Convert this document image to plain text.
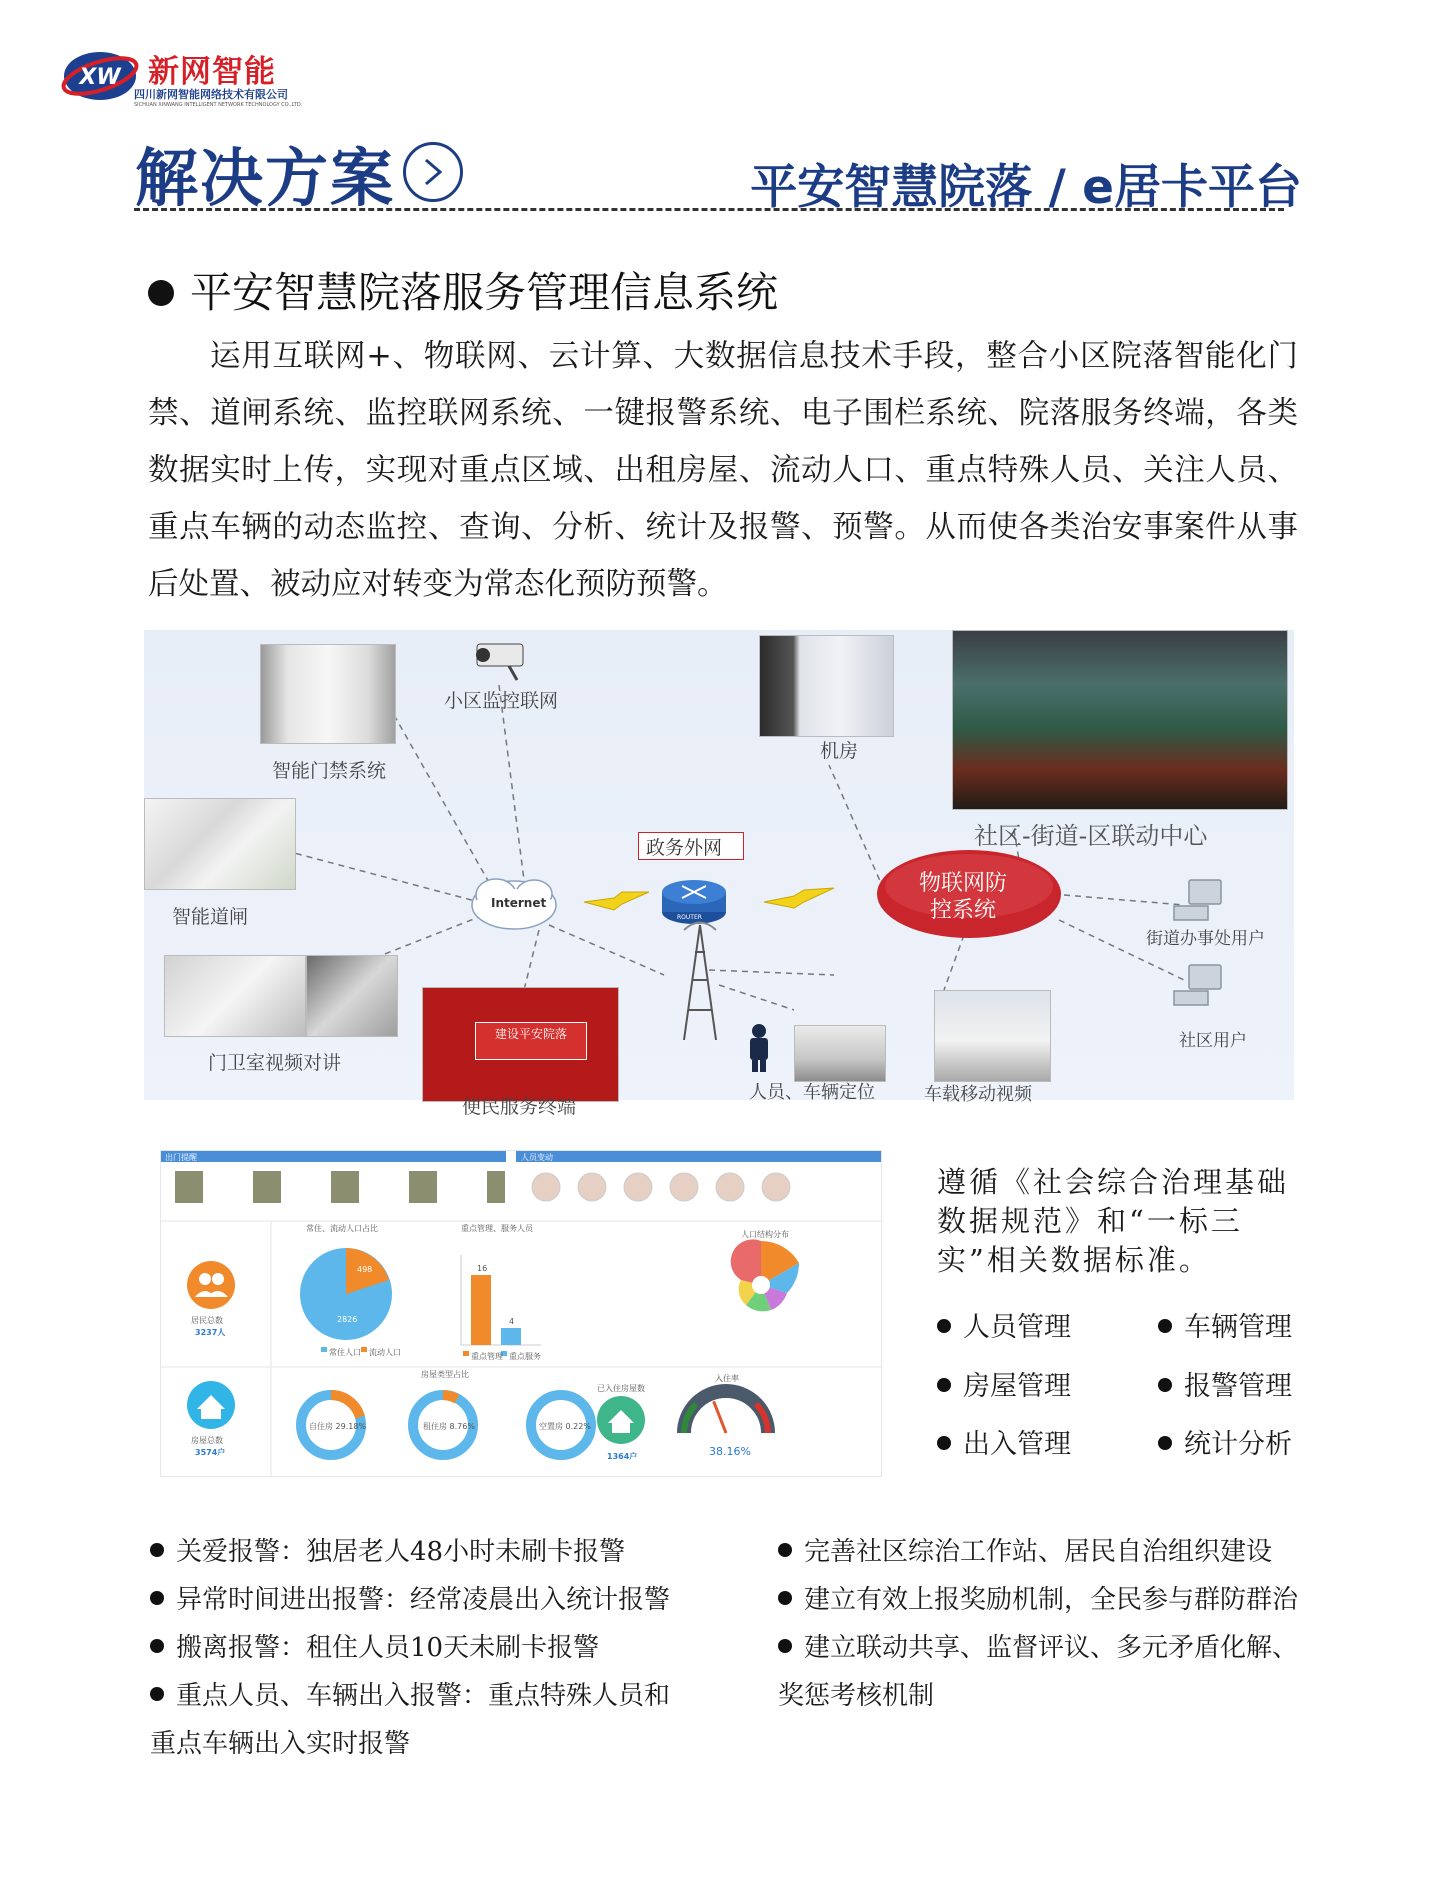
XW 新网智能
四川新网智能网络技术有限公司
SICHUAN XINWANG INTELLIGENT NETWORK TECHNOLOGY CO.,LTD.
解决方案	平安智慧院落 / e居卡平台
平安智慧院落服务管理信息系统
运用互联网+、物联网、云计算、大数据信息技术手段，整合小区院落智能化门禁、道闸系统、监控联网系统、一键报警系统、电子围栏系统、院落服务终端，各类数据实时上传，实现对重点区域、出租房屋、流动人口、重点特殊人员、关注人员、重点车辆的动态监控、查询、分析、统计及报警、预警。从而使各类治安事案件从事后处置、被动应对转变为常态化预防预警。
建设平安院落
政务外网
智能门禁系统
小区监控联网
机房
社区-街道-区联动中心
智能道闸
Internet
ROUTER
物联网防
控系统
街道办事处用户
社区用户
门卫室视频对讲
便民服务终端
人员、车辆定位	车载移动视频
出门提醒	人员变动
居民总数
3237人
房屋总数
3574户
常住、流动人口占比
2826
498
常住人口 流动人口
重点管理、服务人员
16
4
重点管理 重点服务
人口结构分布
房屋类型占比
自住房 29.18%	租住房 8.76%	空置房 0.22%
已入住房屋数
1364户
入住率
38.16%
遵循《社会综合治理基础数据规范》和“一标三实”相关数据标准。
人员管理	车辆管理
房屋管理	报警管理
出入管理	统计分析
关爱报警：独居老人48小时未刷卡报警
异常时间进出报警：经常凌晨出入统计报警
搬离报警：租住人员10天未刷卡报警
重点人员、车辆出入报警：重点特殊人员和重点车辆出入实时报警
完善社区综治工作站、居民自治组织建设
建立有效上报奖励机制，全民参与群防群治
建立联动共享、监督评议、多元矛盾化解、奖惩考核机制
